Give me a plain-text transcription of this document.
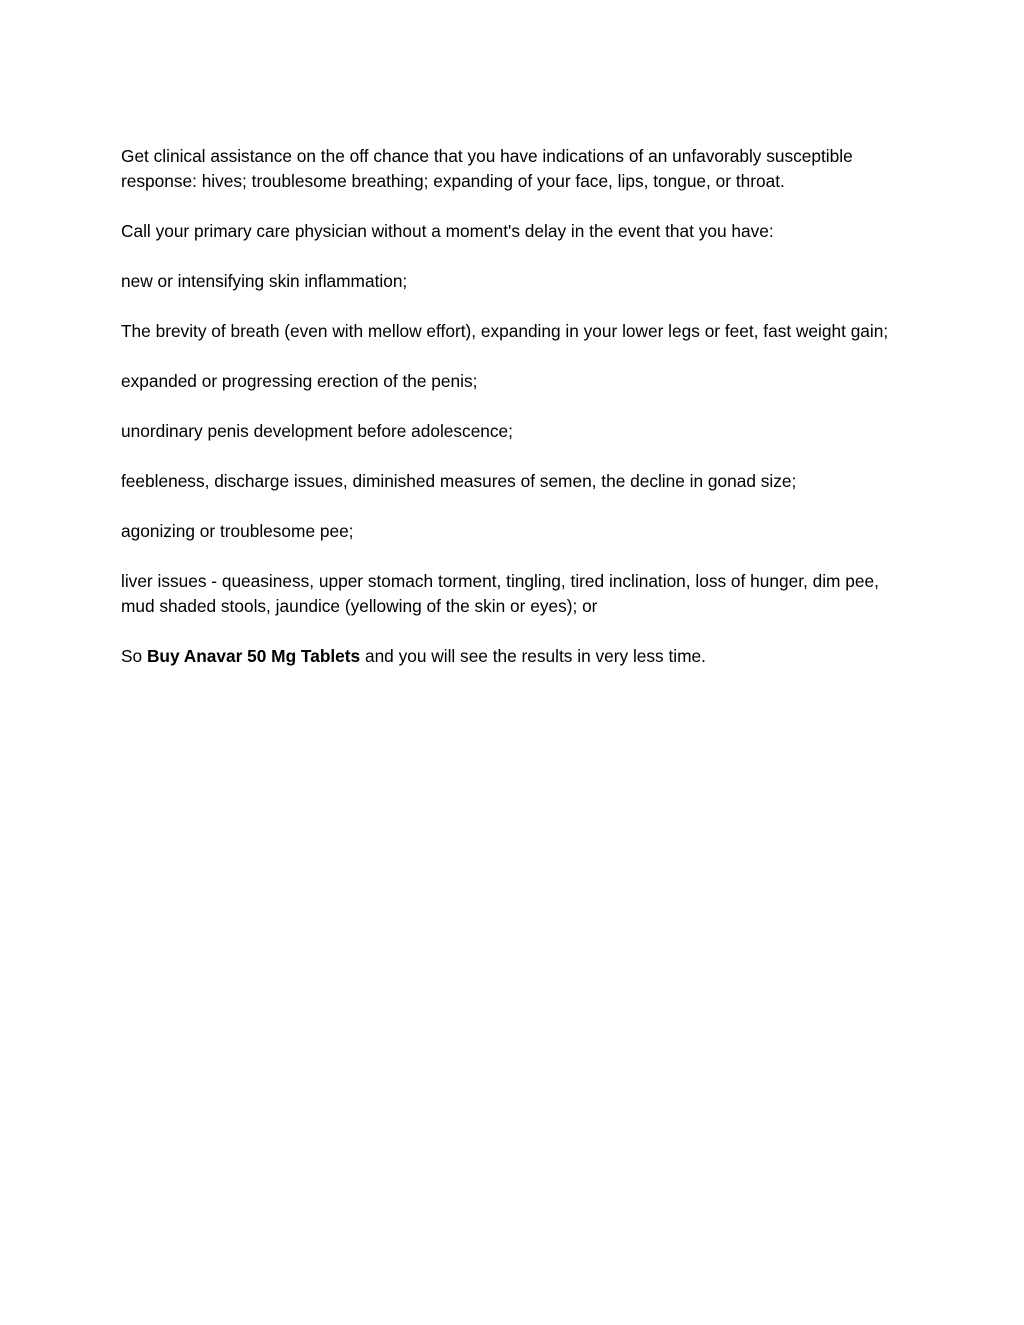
Get clinical assistance on the off chance that you have indications of an unfavorably susceptible response: hives; troublesome breathing; expanding of your face, lips, tongue, or throat.

Call your primary care physician without a moment's delay in the event that you have:

new or intensifying skin inflammation;

The brevity of breath (even with mellow effort), expanding in your lower legs or feet, fast weight gain;

expanded or progressing erection of the penis;

unordinary penis development before adolescence;

feebleness, discharge issues, diminished measures of semen, the decline in gonad size;

agonizing or troublesome pee;

liver issues - queasiness, upper stomach torment, tingling, tired inclination, loss of hunger, dim pee, mud shaded stools, jaundice (yellowing of the skin or eyes); or

So Buy Anavar 50 Mg Tablets and you will see the results in very less time.
